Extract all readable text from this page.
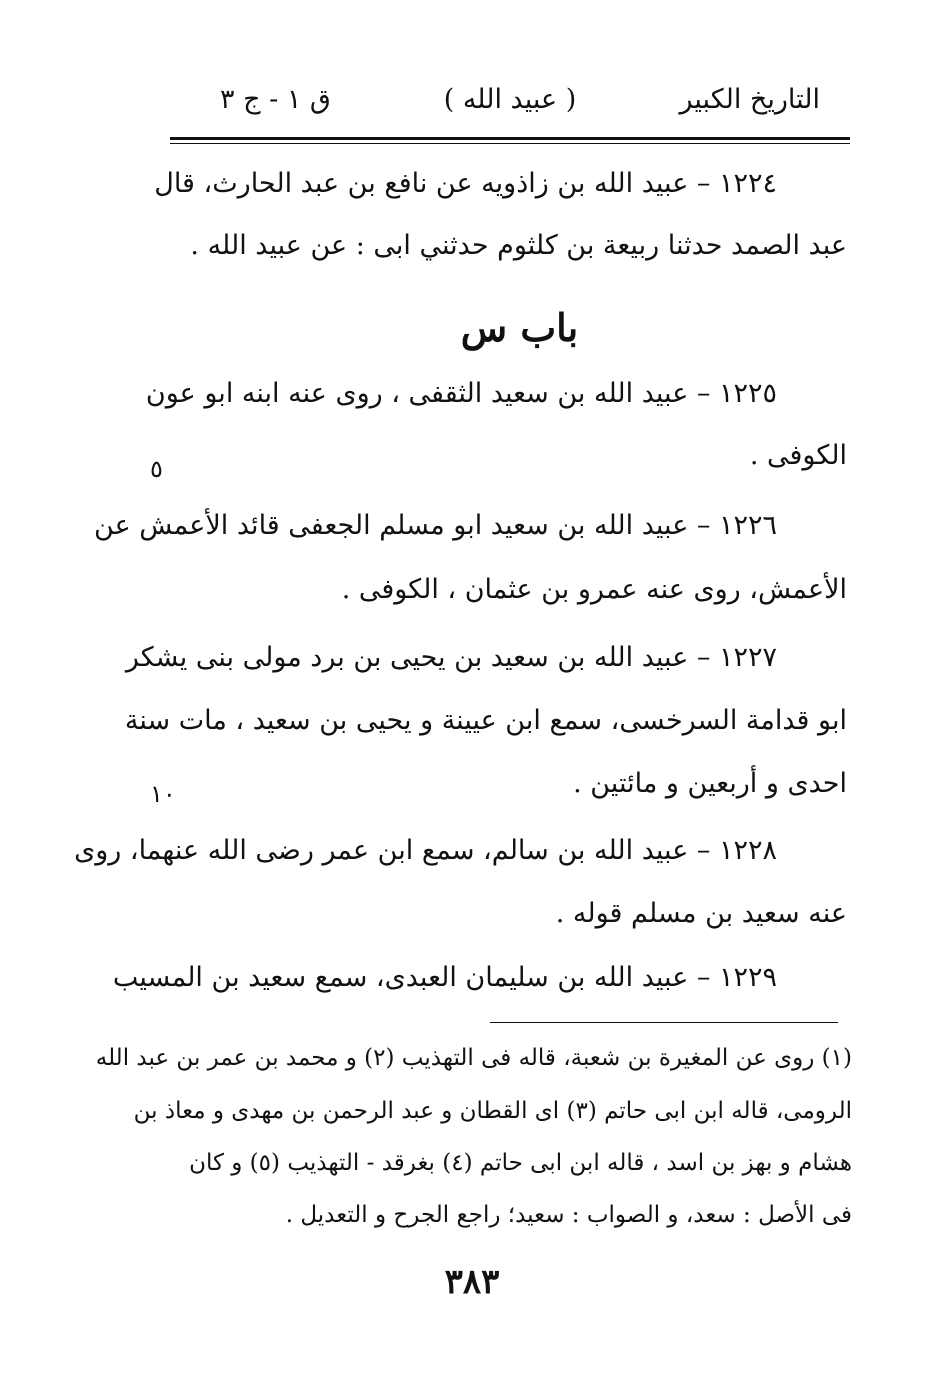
التاريخ الكبير
( عبيد الله )
ق ١ - ج ٣
١٢٢٤ – عبيد الله بن زاذويه عن نافع بن عبد الحارث، قال
عبد الصمد حدثنا ربيعة بن كلثوم حدثني ابى : عن عبيد الله .
باب س
١٢٢٥ – عبيد الله بن سعيد الثقفى ، روى عنه ابنه ابو عون
الكوفى .
٥
١٢٢٦ – عبيد الله بن سعيد ابو مسلم الجعفى قائد الأعمش عن
الأعمش، روى عنه عمرو بن عثمان ، الكوفى .
١٢٢٧ – عبيد الله بن سعيد بن يحيى بن برد مولى بنى يشكر
ابو قدامة السرخسى، سمع ابن عيينة و يحيى بن سعيد ، مات سنة
احدى و أربعين و مائتين .
١٠
١٢٢٨ – عبيد الله بن سالم، سمع ابن عمر رضى الله عنهما، روى
عنه سعيد بن مسلم قوله .
١٢٢٩ – عبيد الله بن سليمان العبدى، سمع سعيد بن المسيب
(١) روى عن المغيرة بن شعبة، قاله فى التهذيب (٢) و محمد بن عمر بن عبد الله
الرومى، قاله ابن ابى حاتم (٣) اى القطان و عبد الرحمن بن مهدى و معاذ بن
هشام و بهز بن اسد ، قاله ابن ابى حاتم (٤) بغرقد - التهذيب (٥) و كان
فى الأصل : سعد، و الصواب : سعيد؛ راجع الجرح و التعديل .
٣٨٣
